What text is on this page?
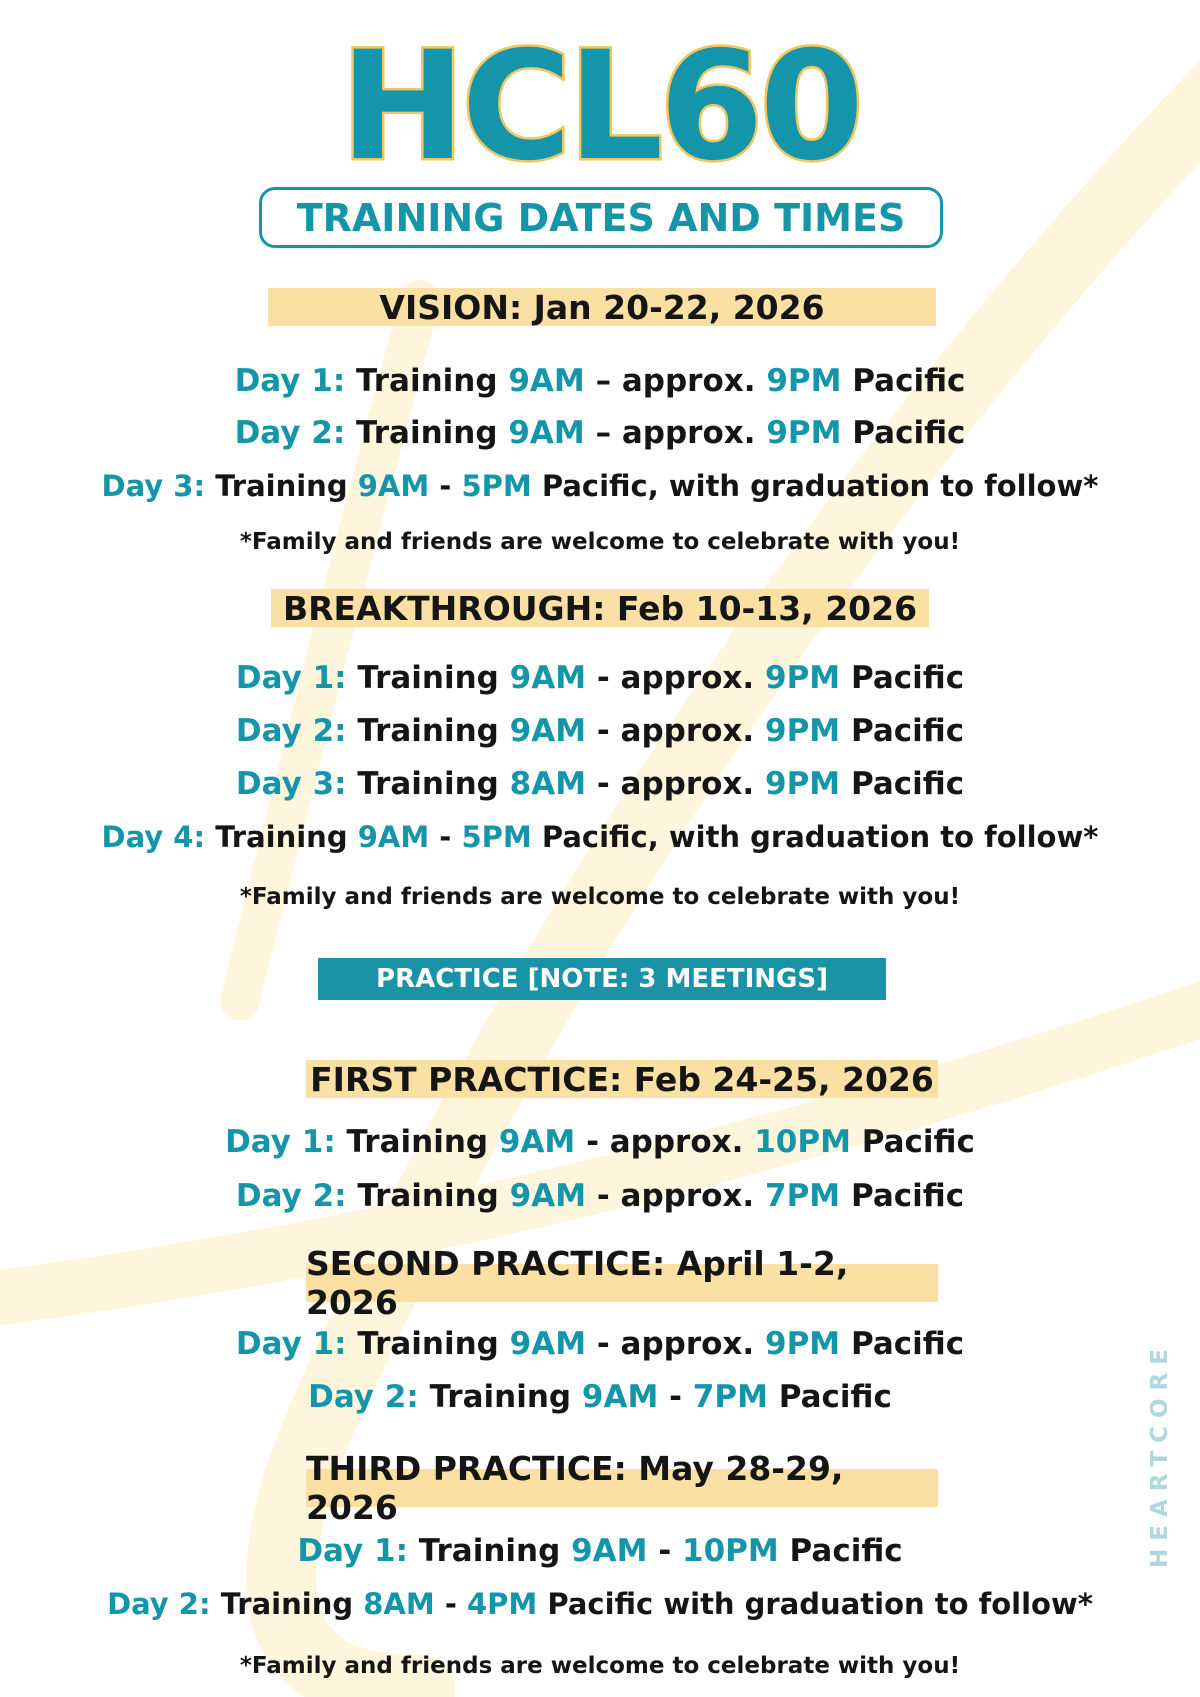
HCL60
TRAINING DATES AND TIMES
VISION: Jan 20-22, 2026
Day 1: Training 9AM – approx. 9PM Pacific
Day 2: Training 9AM – approx. 9PM Pacific
Day 3: Training 9AM - 5PM Pacific, with graduation to follow*
*Family and friends are welcome to celebrate with you!
BREAKTHROUGH: Feb 10-13, 2026
Day 1: Training 9AM - approx. 9PM Pacific
Day 2: Training 9AM - approx. 9PM Pacific
Day 3: Training 8AM - approx. 9PM Pacific
Day 4: Training 9AM - 5PM Pacific, with graduation to follow*
*Family and friends are welcome to celebrate with you!
PRACTICE [NOTE: 3 MEETINGS]
FIRST PRACTICE: Feb 24-25, 2026
Day 1: Training 9AM - approx. 10PM Pacific
Day 2: Training 9AM - approx. 7PM Pacific
SECOND PRACTICE: April 1-2, 2026
Day 1: Training 9AM - approx. 9PM Pacific
Day 2: Training 9AM - 7PM Pacific
THIRD PRACTICE: May 28-29, 2026
Day 1: Training 9AM - 10PM Pacific
Day 2: Training 8AM - 4PM Pacific with graduation to follow*
*Family and friends are welcome to celebrate with you!
HEARTCORE
